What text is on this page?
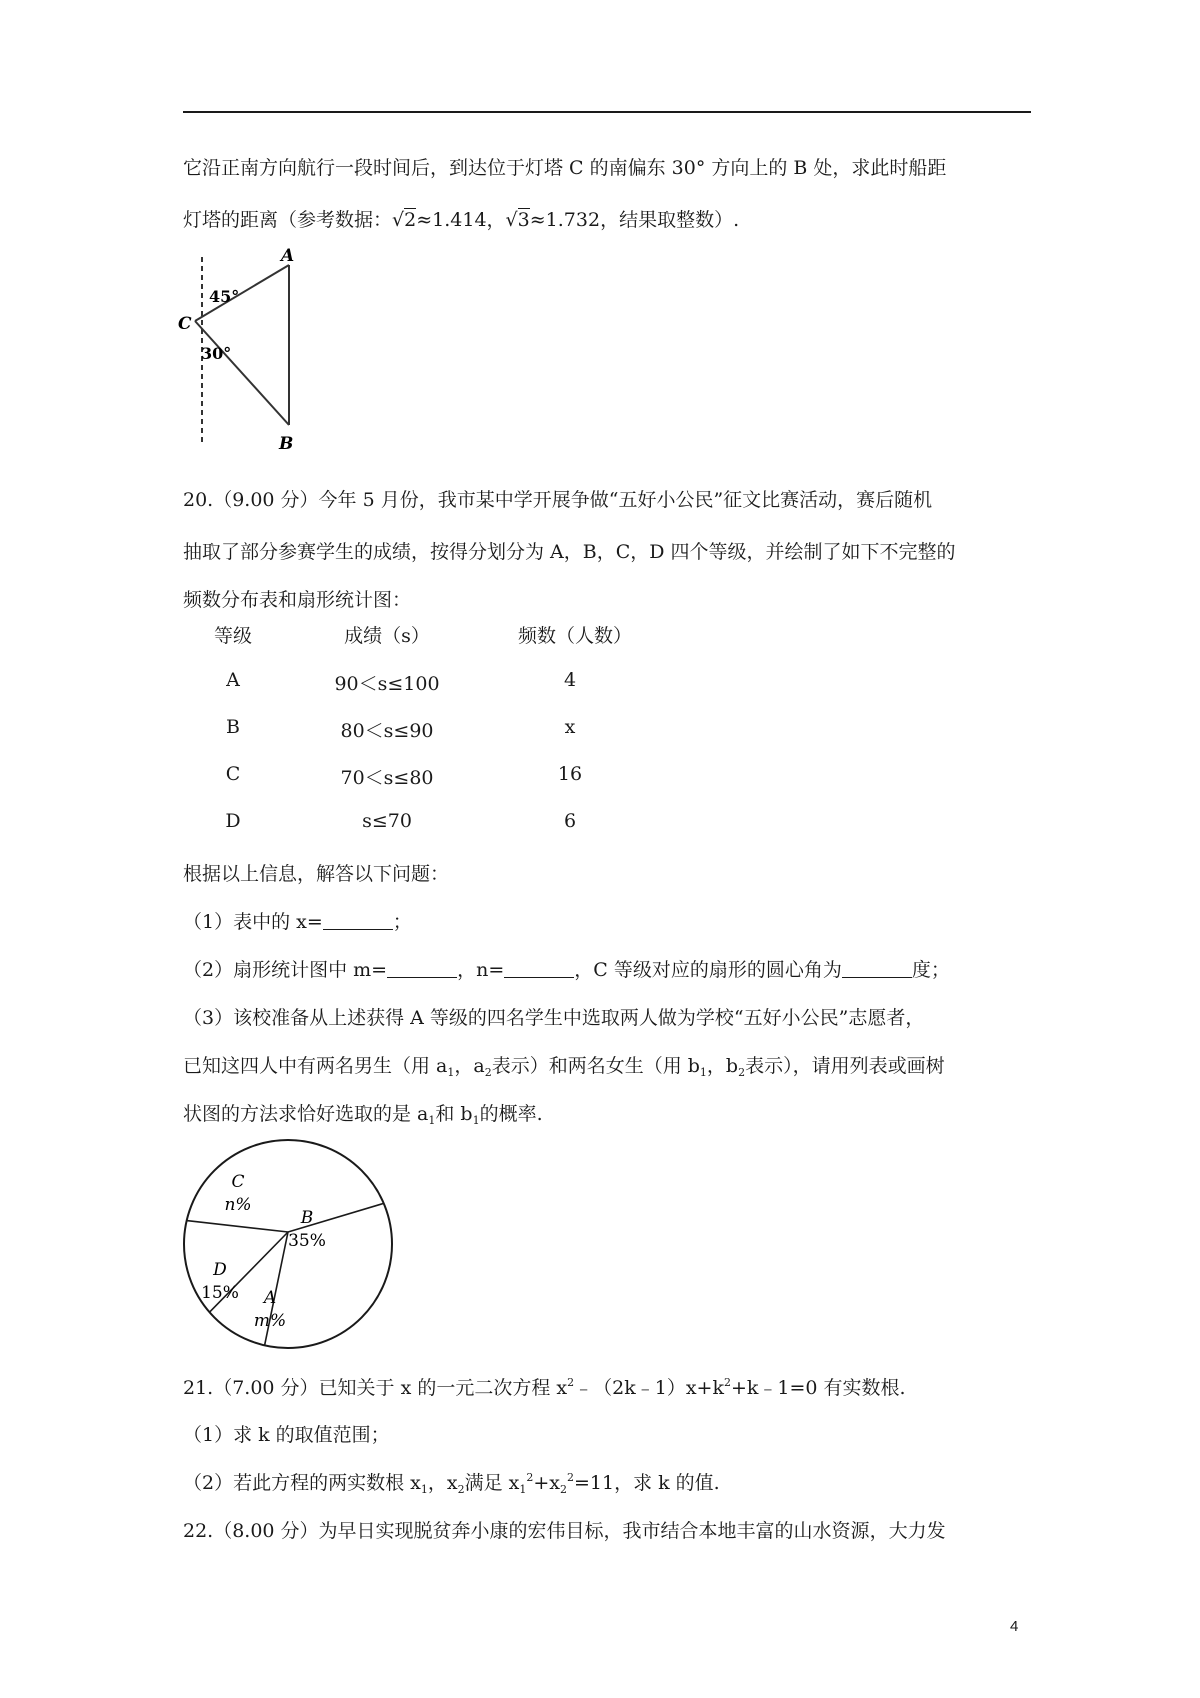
它沿正南方向航行一段时间后，到达位于灯塔 C 的南偏东 30° 方向上的 B 处，求此时船距
灯塔的距离（参考数据：√2≈1.414，√3≈1.732，结果取整数）.
A
B
C
45°
30°
20.（9.00 分）今年 5 月份，我市某中学开展争做“五好小公民”征文比赛活动，赛后随机
抽取了部分参赛学生的成绩，按得分划分为 A，B，C，D 四个等级，并绘制了如下不完整的
频数分布表和扇形统计图：
等级	成绩（s）	频数（人数）
A	90＜s≤100	4
B	80＜s≤90	x
C	70＜s≤80	16
D	s≤70	6
根据以上信息，解答以下问题：
（1）表中的 x=	；
（2）扇形统计图中 m=	，n=	，C 等级对应的扇形的圆心角为	度；
（3）该校准备从上述获得 A 等级的四名学生中选取两人做为学校“五好小公民”志愿者，
已知这四人中有两名男生（用 $a_1$，$a_2$表示）和两名女生（用 $b_1$，$b_2$表示），请用列表或画树
状图的方法求恰好选取的是 $a_1$和 $b_1$的概率.
A
m%
D
15%
C
n%
B
35%
21.（7.00 分）已知关于 x 的一元二次方程 $x^2﹣(2k﹣1)x+k^2+k﹣1=0$ 有实数根.
（1）求 k 的取值范围；
（2）若此方程的两实数根 $x_1$，$x_2$满足 $x_1^2+x_2^2=11$，求 k 的值.
22.（8.00 分）为早日实现脱贫奔小康的宏伟目标，我市结合本地丰富的山水资源，大力发
4
